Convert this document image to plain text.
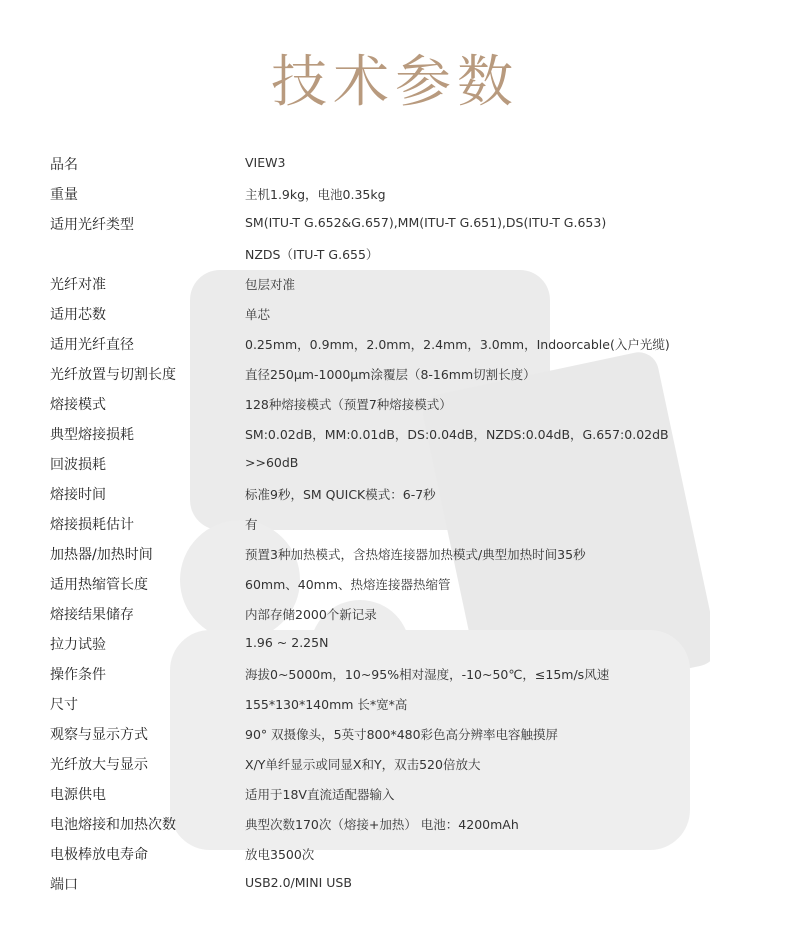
技术参数
品名	VIEW3
重量	主机1.9kg，电池0.35kg
适用光纤类型	SM(ITU-T G.652&G.657),MM(ITU-T G.651),DS(ITU-T G.653)
NZDS（ITU-T G.655）
光纤对准	包层对准
适用芯数	单芯
适用光纤直径	0.25mm，0.9mm，2.0mm，2.4mm，3.0mm，Indoorcable(入户光缆)
光纤放置与切割长度	直径250μm-1000μm涂覆层（8-16mm切割长度）
熔接模式	128种熔接模式（预置7种熔接模式）
典型熔接损耗	SM:0.02dB，MM:0.01dB，DS:0.04dB，NZDS:0.04dB，G.657:0.02dB
回波损耗	>>60dB
熔接时间	标准9秒，SM QUICK模式：6-7秒
熔接损耗估计	有
加热器/加热时间	预置3种加热模式，含热熔连接器加热模式/典型加热时间35秒
适用热缩管长度	60mm、40mm、热熔连接器热缩管
熔接结果储存	内部存储2000个新记录
拉力试验	1.96 ~ 2.25N
操作条件	海拔0~5000m，10~95%相对湿度，-10~50℃，≤15m/s风速
尺寸	155*130*140mm 长*宽*高
观察与显示方式	90° 双摄像头，5英寸800*480彩色高分辨率电容触摸屏
光纤放大与显示	X/Y单纤显示或同显X和Y，双击520倍放大
电源供电	适用于18V直流适配器输入
电池熔接和加热次数	典型次数170次（熔接+加热） 电池：4200mAh
电极棒放电寿命	放电3500次
端口	USB2.0/MINI USB
